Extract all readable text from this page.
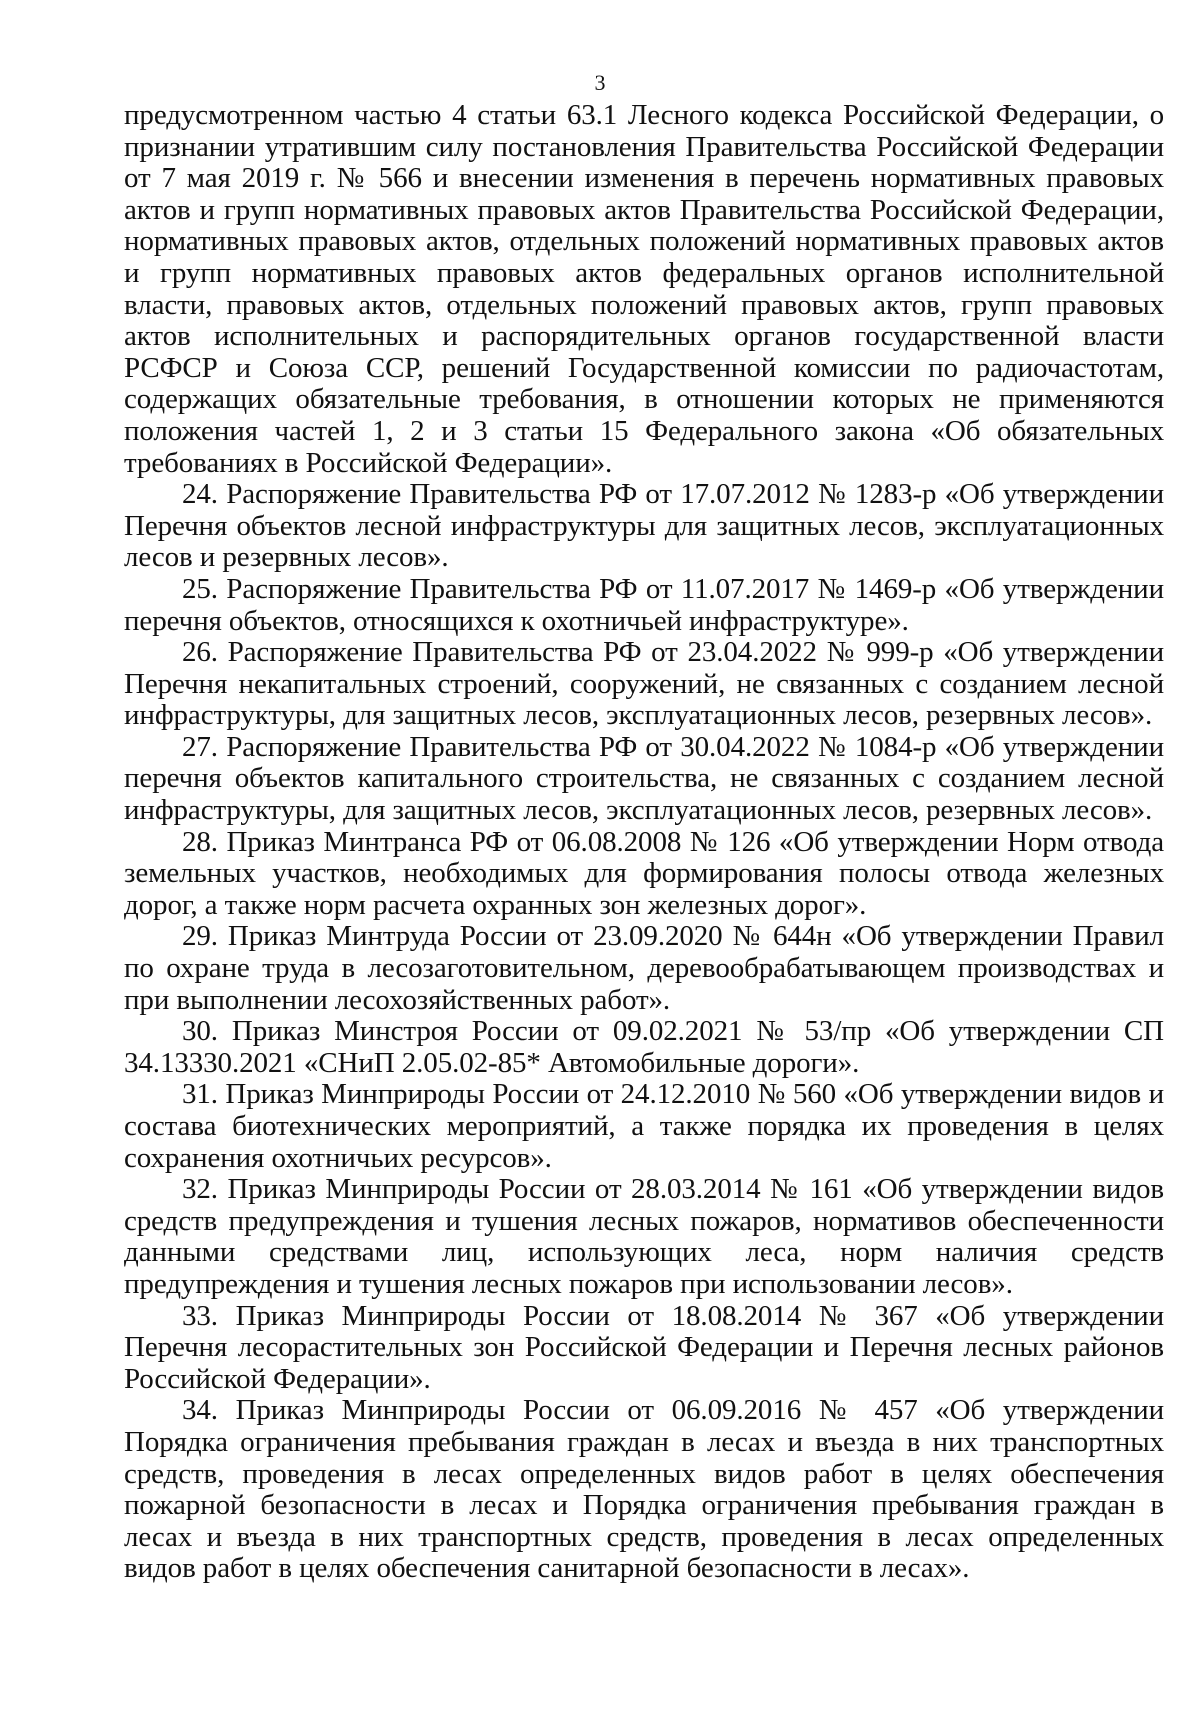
3

предусмотренном частью 4 статьи 63.1 Лесного кодекса Российской Федерации, о признании утратившим силу постановления Правительства Российской Федерации от 7 мая 2019 г. № 566 и внесении изменения в перечень нормативных правовых актов и групп нормативных правовых актов Правительства Российской Федерации, нормативных правовых актов, отдельных положений нормативных правовых актов и групп нормативных правовых актов федеральных органов исполнительной власти, правовых актов, отдельных положений правовых актов, групп правовых актов исполнительных и распорядительных органов государственной власти РСФСР и Союза ССР, решений Государственной комиссии по радиочастотам, содержащих обязательные требования, в отношении которых не применяются положения частей 1, 2 и 3 статьи 15 Федерального закона «Об обязательных требованиях в Российской Федерации».

24. Распоряжение Правительства РФ от 17.07.2012 № 1283-р «Об утверждении Перечня объектов лесной инфраструктуры для защитных лесов, эксплуатационных лесов и резервных лесов».

25. Распоряжение Правительства РФ от 11.07.2017 № 1469-р «Об утверждении перечня объектов, относящихся к охотничьей инфраструктуре».

26. Распоряжение Правительства РФ от 23.04.2022 № 999-р «Об утверждении Перечня некапитальных строений, сооружений, не связанных с созданием лесной инфраструктуры, для защитных лесов, эксплуатационных лесов, резервных лесов».

27. Распоряжение Правительства РФ от 30.04.2022 № 1084-р «Об утверждении перечня объектов капитального строительства, не связанных с созданием лесной инфраструктуры, для защитных лесов, эксплуатационных лесов, резервных лесов».

28. Приказ Минтранса РФ от 06.08.2008 № 126 «Об утверждении Норм отвода земельных участков, необходимых для формирования полосы отвода железных дорог, а также норм расчета охранных зон железных дорог».

29. Приказ Минтруда России от 23.09.2020 № 644н «Об утверждении Правил по охране труда в лесозаготовительном, деревообрабатывающем производствах и при выполнении лесохозяйственных работ».

30. Приказ Минстроя России от 09.02.2021 № 53/пр «Об утверждении СП 34.13330.2021 «СНиП 2.05.02-85* Автомобильные дороги».

31. Приказ Минприроды России от 24.12.2010 № 560 «Об утверждении видов и состава биотехнических мероприятий, а также порядка их проведения в целях сохранения охотничьих ресурсов».

32. Приказ Минприроды России от 28.03.2014 № 161 «Об утверждении видов средств предупреждения и тушения лесных пожаров, нормативов обеспеченности данными средствами лиц, использующих леса, норм наличия средств предупреждения и тушения лесных пожаров при использовании лесов».

33. Приказ Минприроды России от 18.08.2014 № 367 «Об утверждении Перечня лесорастительных зон Российской Федерации и Перечня лесных районов Российской Федерации».

34. Приказ Минприроды России от 06.09.2016 № 457 «Об утверждении Порядка ограничения пребывания граждан в лесах и въезда в них транспортных средств, проведения в лесах определенных видов работ в целях обеспечения пожарной безопасности в лесах и Порядка ограничения пребывания граждан в лесах и въезда в них транспортных средств, проведения в лесах определенных видов работ в целях обеспечения санитарной безопасности в лесах».
